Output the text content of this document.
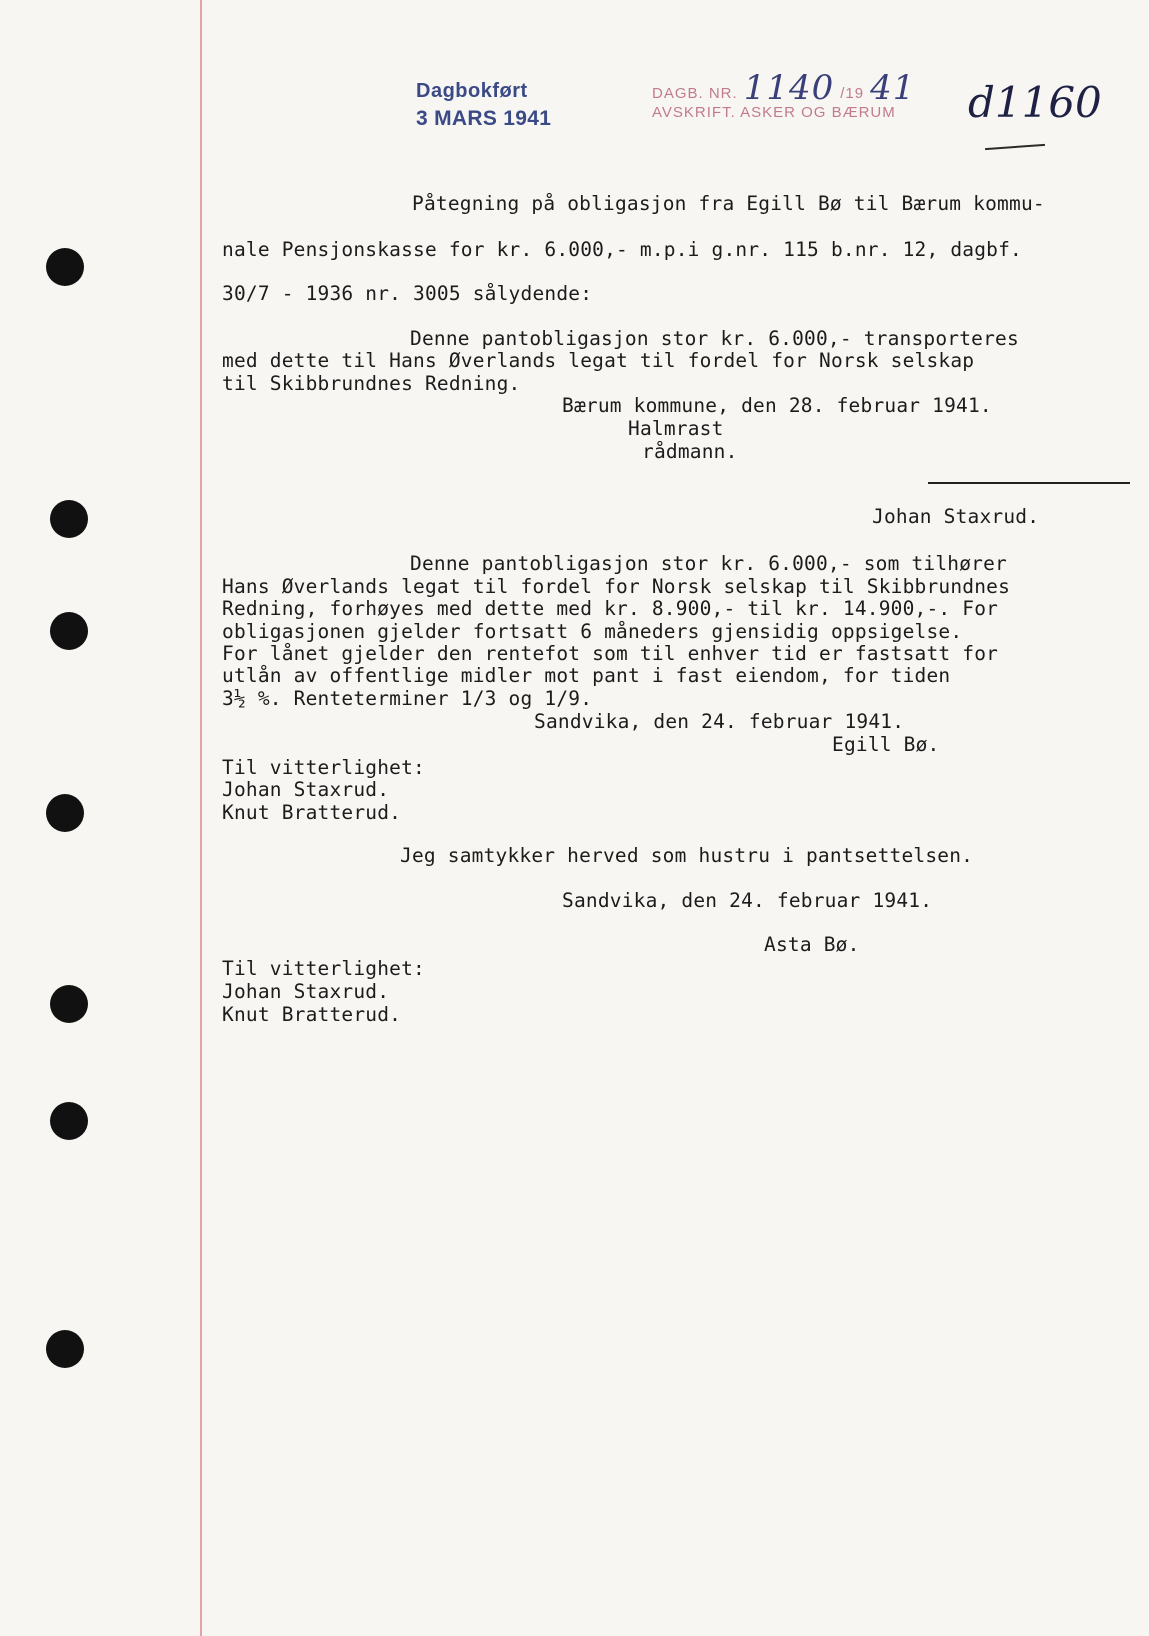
Dagbokført
3 MARS 1941
DAGB. NR. 1140 /19 41
AVSKRIFT. ASKER OG BÆRUM	d1160
Påtegning på obligasjon fra Egill Bø til Bærum kommu-
nale Pensjonskasse for kr. 6.000,- m.p.i g.nr. 115 b.nr. 12, dagbf.
30/7 - 1936 nr. 3005 sålydende:
Denne pantobligasjon stor kr. 6.000,- transporteres
med dette til Hans Øverlands legat til fordel for Norsk selskap
til Skibbrundnes Redning.
Bærum kommune, den 28. februar 1941.
Halmrast
rådmann.
Johan Staxrud.
Denne pantobligasjon stor kr. 6.000,- som tilhører
Hans Øverlands legat til fordel for Norsk selskap til Skibbrundnes
Redning, forhøyes med dette med kr. 8.900,- til kr. 14.900,-. For
obligasjonen gjelder fortsatt 6 måneders gjensidig oppsigelse.
For lånet gjelder den rentefot som til enhver tid er fastsatt for
utlån av offentlige midler mot pant i fast eiendom, for tiden
3½ %. Renteterminer 1/3 og 1/9.
Sandvika, den 24. februar 1941.
Egill Bø.
Til vitterlighet:
Johan Staxrud.
Knut Bratterud.
Jeg samtykker herved som hustru i pantsettelsen.
Sandvika, den 24. februar 1941.
Asta Bø.
Til vitterlighet:
Johan Staxrud.
Knut Bratterud.
